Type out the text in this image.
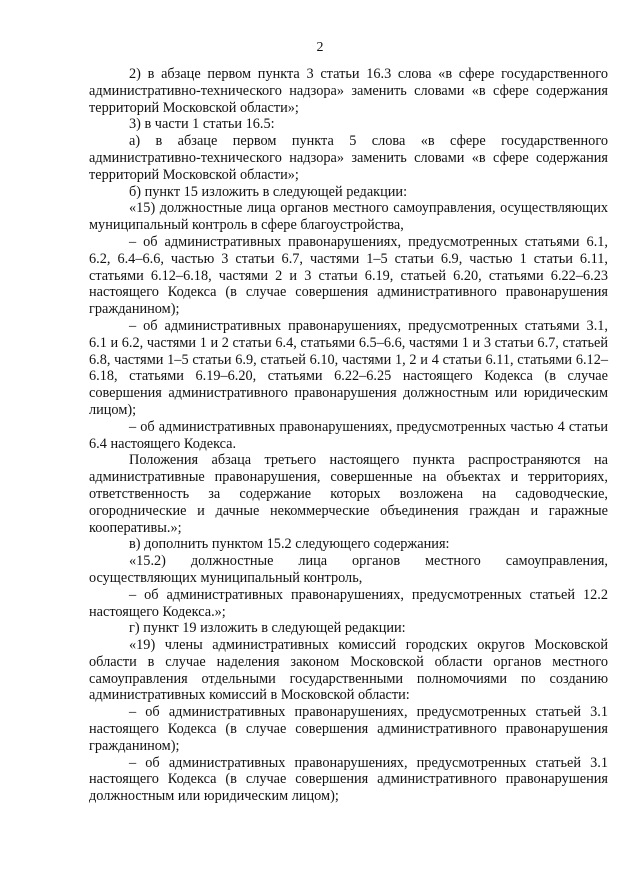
2

2) в абзаце первом пункта 3 статьи 16.3 слова «в сфере государственного административно-технического надзора» заменить словами «в сфере содержания территорий Московской области»;

3) в части 1 статьи 16.5:

а) в абзаце первом пункта 5 слова «в сфере государственного административно-технического надзора» заменить словами «в сфере содержания территорий Московской области»;

б) пункт 15 изложить в следующей редакции:

«15) должностные лица органов местного самоуправления, осуществляющих муниципальный контроль в сфере благоустройства,

– об административных правонарушениях, предусмотренных статьями 6.1, 6.2, 6.4–6.6, частью 3 статьи 6.7, частями 1–5 статьи 6.9, частью 1 статьи 6.11, статьями 6.12–6.18, частями 2 и 3 статьи 6.19, статьей 6.20, статьями 6.22–6.23 настоящего Кодекса (в случае совершения административного правонарушения гражданином);

– об административных правонарушениях, предусмотренных статьями 3.1, 6.1 и 6.2, частями 1 и 2 статьи 6.4, статьями 6.5–6.6, частями 1 и 3 статьи 6.7, статьей 6.8, частями 1–5 статьи 6.9, статьей 6.10, частями 1, 2 и 4 статьи 6.11, статьями 6.12–6.18, статьями 6.19–6.20, статьями 6.22–6.25 настоящего Кодекса (в случае совершения административного правонарушения должностным или юридическим лицом);

– об административных правонарушениях, предусмотренных частью 4 статьи 6.4 настоящего Кодекса.

Положения абзаца третьего настоящего пункта распространяются на административные правонарушения, совершенные на объектах и территориях, ответственность за содержание которых возложена на садоводческие, огороднические и дачные некоммерческие объединения граждан и гаражные кооперативы.»;

в) дополнить пунктом 15.2 следующего содержания:

«15.2) должностные лица органов местного самоуправления, осуществляющих муниципальный контроль,

– об административных правонарушениях, предусмотренных статьей 12.2 настоящего Кодекса.»;

г) пункт 19 изложить в следующей редакции:

«19) члены административных комиссий городских округов Московской области в случае наделения законом Московской области органов местного самоуправления отдельными государственными полномочиями по созданию административных комиссий в Московской области:

– об административных правонарушениях, предусмотренных статьей 3.1 настоящего Кодекса (в случае совершения административного правонарушения гражданином);

– об административных правонарушениях, предусмотренных статьей 3.1 настоящего Кодекса (в случае совершения административного правонарушения должностным или юридическим лицом);
